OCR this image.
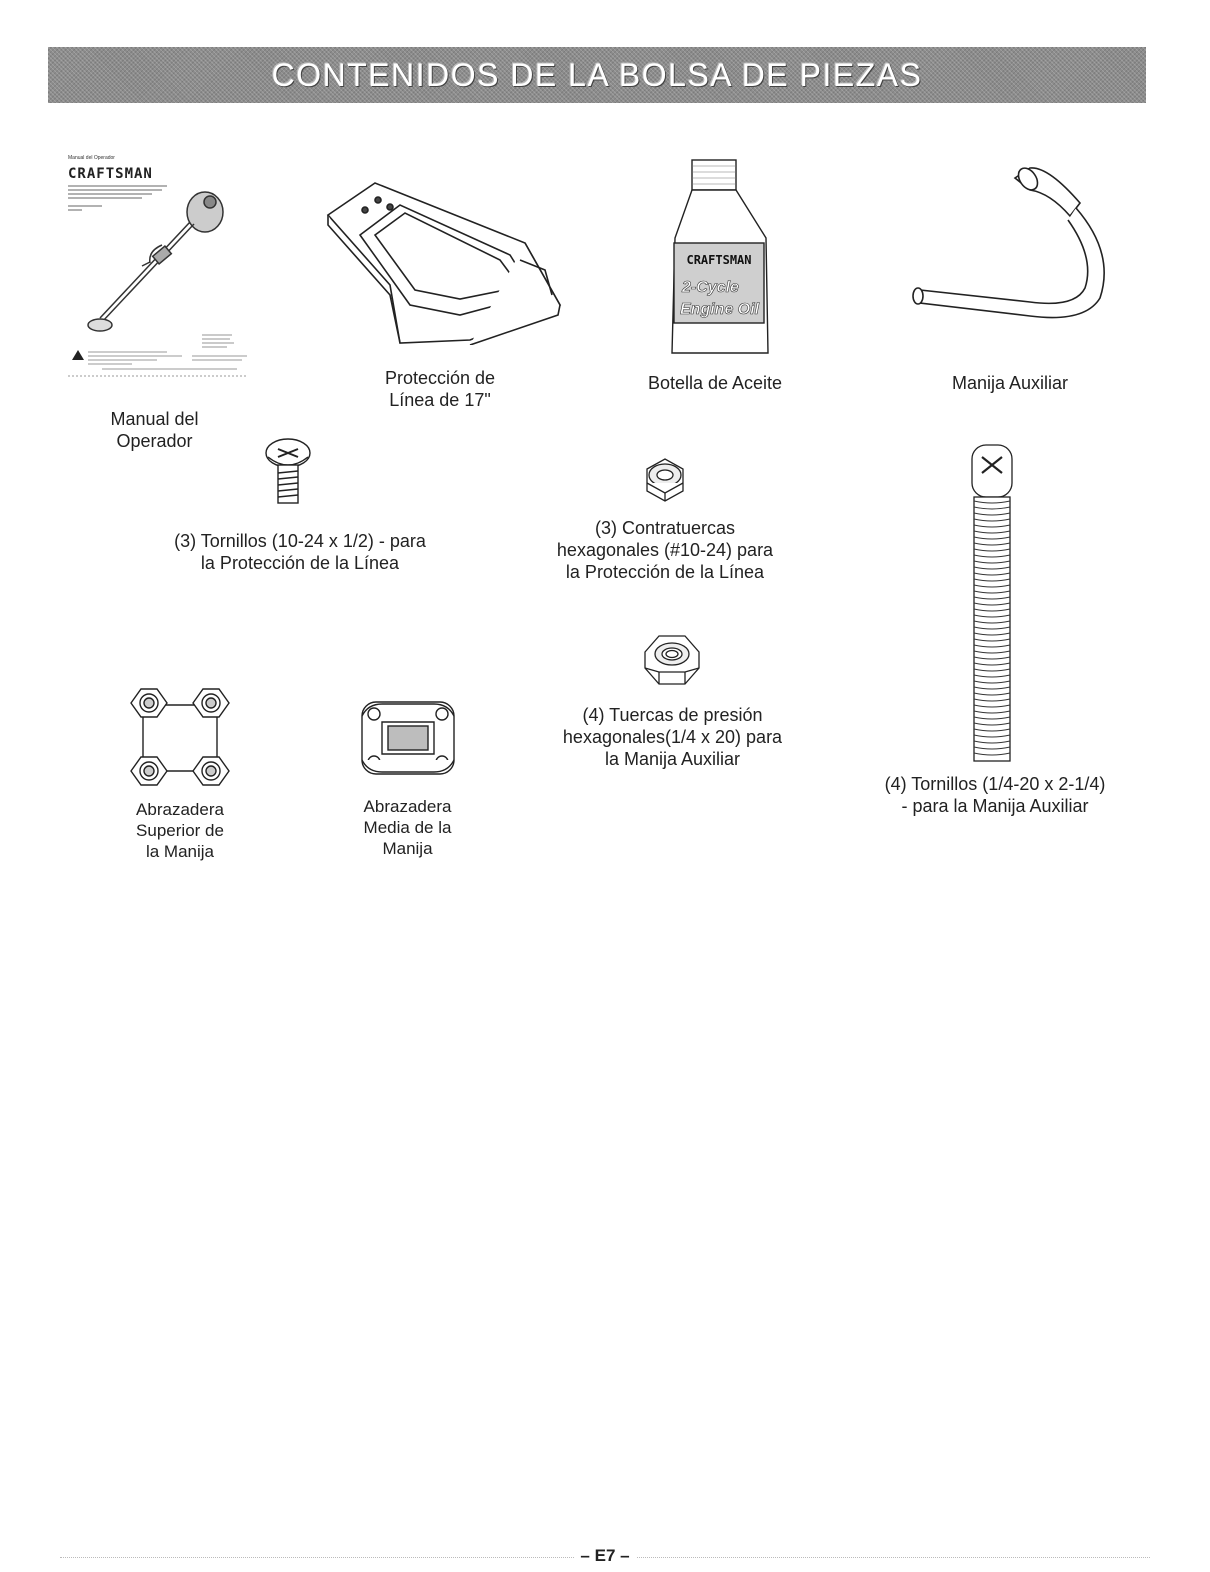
CONTENIDOS DE LA BOLSA DE PIEZAS
Manual del Operador
CRAFTSMAN
Manual del
Operador
Protección de
Línea de 17"
CRAFTSMAN
2-Cycle
Engine Oil
Botella de Aceite	Manija Auxiliar
(3) Tornillos (10-24 x 1/2) - para
la Protección de la Línea
(3) Contratuercas
hexagonales (#10-24) para
la Protección de la Línea
(4) Tornillos (1/4-20 x 2-1/4)
- para la Manija Auxiliar
(4) Tuercas de presión
hexagonales(1/4 x 20) para
la Manija Auxiliar
Abrazadera
Superior de
la Manija
Abrazadera
Media de la
Manija
– E7 –
